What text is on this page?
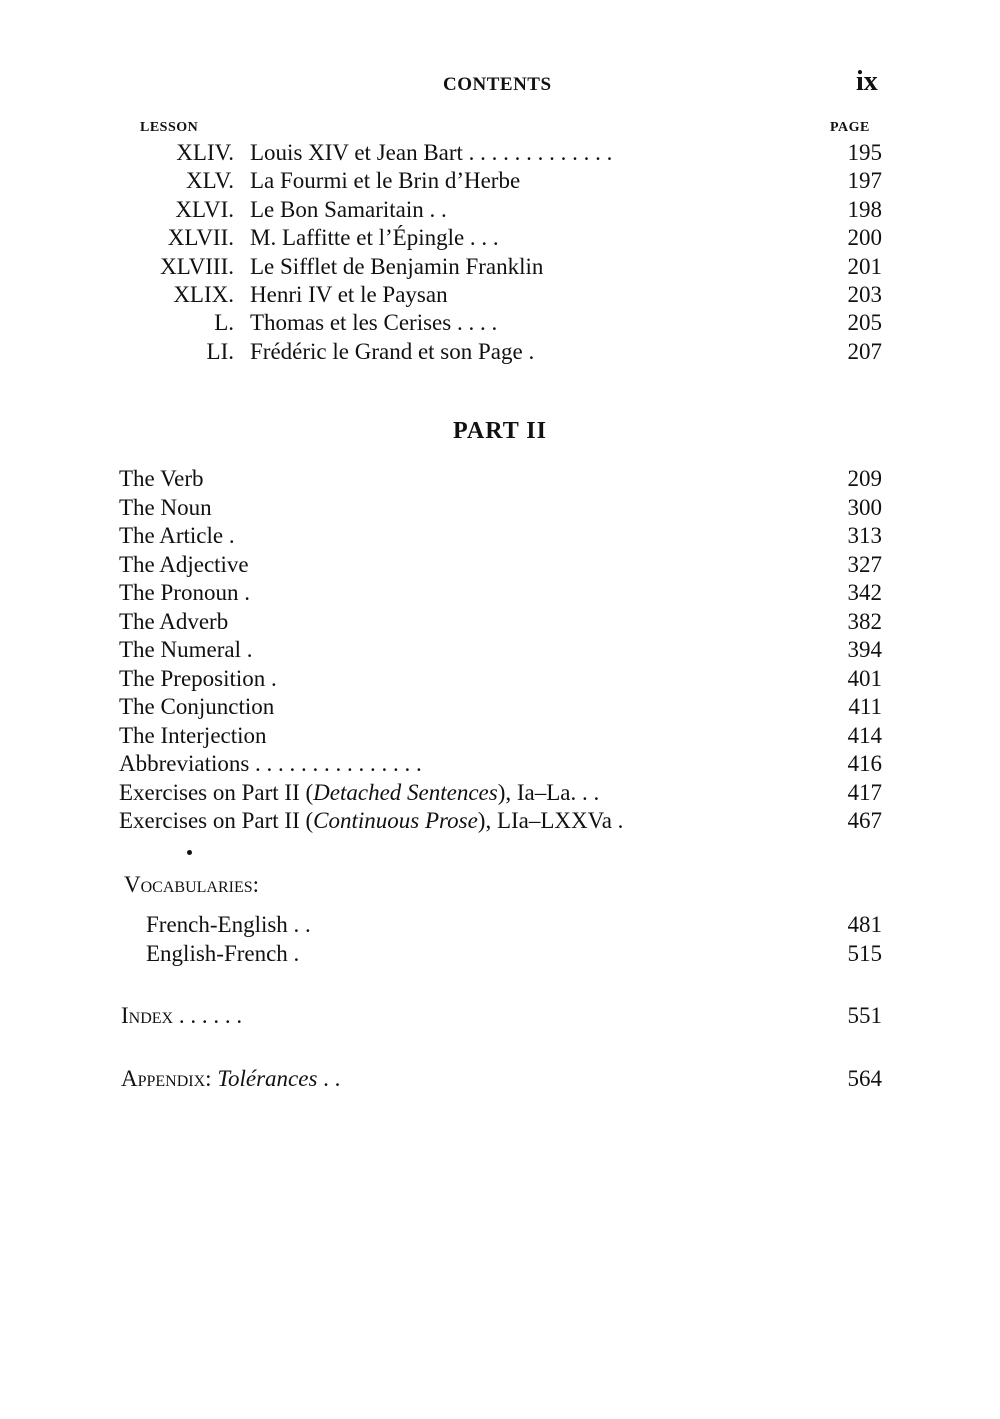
CONTENTS	ix
LESSON	PAGE
XLIV. Louis XIV et Jean Bart . . . . . . . . . . . . .	195
XLV. La Fourmi et le Brin d’Herbe	197
XLVI. Le Bon Samaritain . .	198
XLVII. M. Laffitte et l’Épingle . . .	200
XLVIII. Le Sifflet de Benjamin Franklin	201
XLIX. Henri IV et le Paysan	203
L. Thomas et les Cerises . . . .	205
LI. Frédéric le Grand et son Page .	207
PART II
The Verb	209
The Noun	300
The Article .	313
The Adjective	327
The Pronoun .	342
The Adverb	382
The Numeral .	394
The Preposition .	401
The Conjunction	411
The Interjection	414
Abbreviations . . . . . . . . . . . . . . .	416
Exercises on Part II (Detached Sentences), Ia–La. . .	417
Exercises on Part II (Continuous Prose), LIa–LXXVa .	467
Vocabularies:
French-English . .	481
English-French .	515
Index . . . . . .	551
Appendix: Tolérances . .	564
